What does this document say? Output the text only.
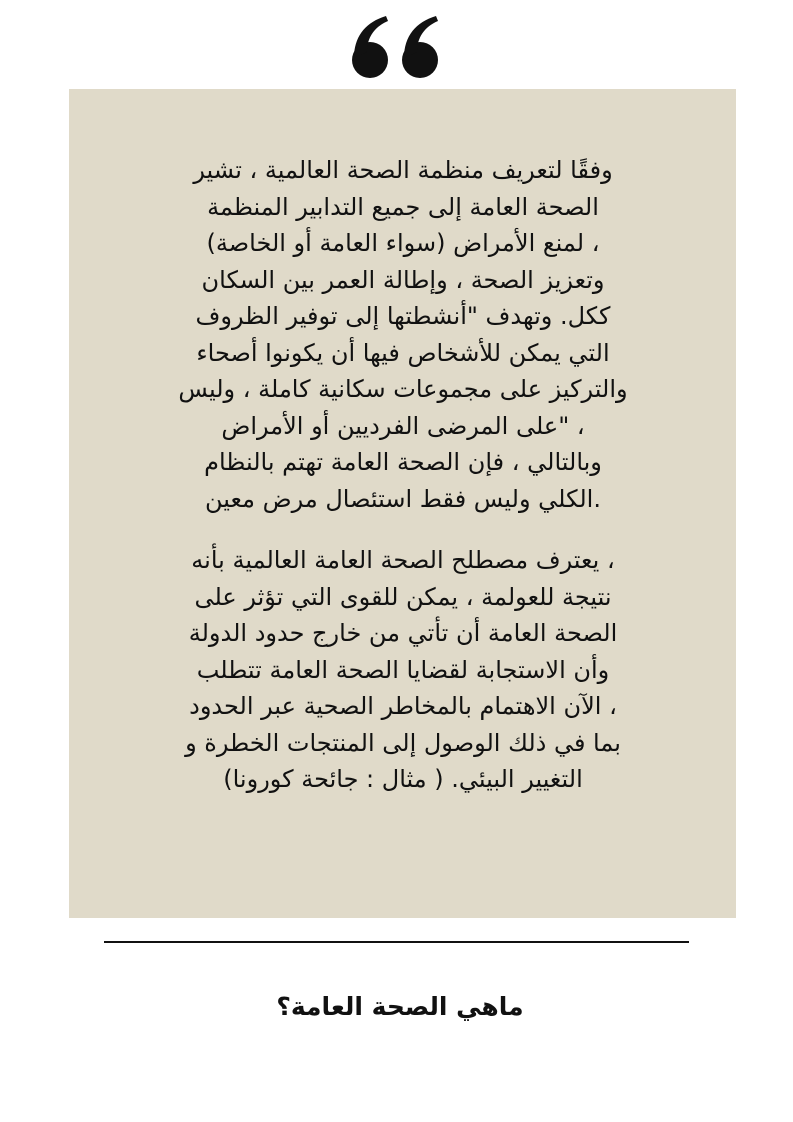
وفقًا لتعريف منظمة الصحة العالمية ، تشير
الصحة العامة إلى جميع التدابير المنظمة
، لمنع الأمراض (سواء العامة أو الخاصة)
وتعزيز الصحة ، وإطالة العمر بين السكان
ككل. وتهدف "أنشطتها إلى توفير الظروف
التي يمكن للأشخاص فيها أن يكونوا أصحاء
والتركيز على مجموعات سكانية كاملة ، وليس
، "على المرضى الفرديين أو الأمراض
وبالتالي ، فإن الصحة العامة تهتم بالنظام
.الكلي وليس فقط استئصال مرض معين
، يعترف مصطلح الصحة العامة العالمية بأنه
نتيجة للعولمة ، يمكن للقوى التي تؤثر على
الصحة العامة أن تأتي من خارج حدود الدولة
وأن الاستجابة لقضايا الصحة العامة تتطلب
، الآن الاهتمام بالمخاطر الصحية عبر الحدود
بما في ذلك الوصول إلى المنتجات الخطرة و
التغيير البيئي. ( مثال : جائحة كورونا)
ماهي الصحة العامة؟
